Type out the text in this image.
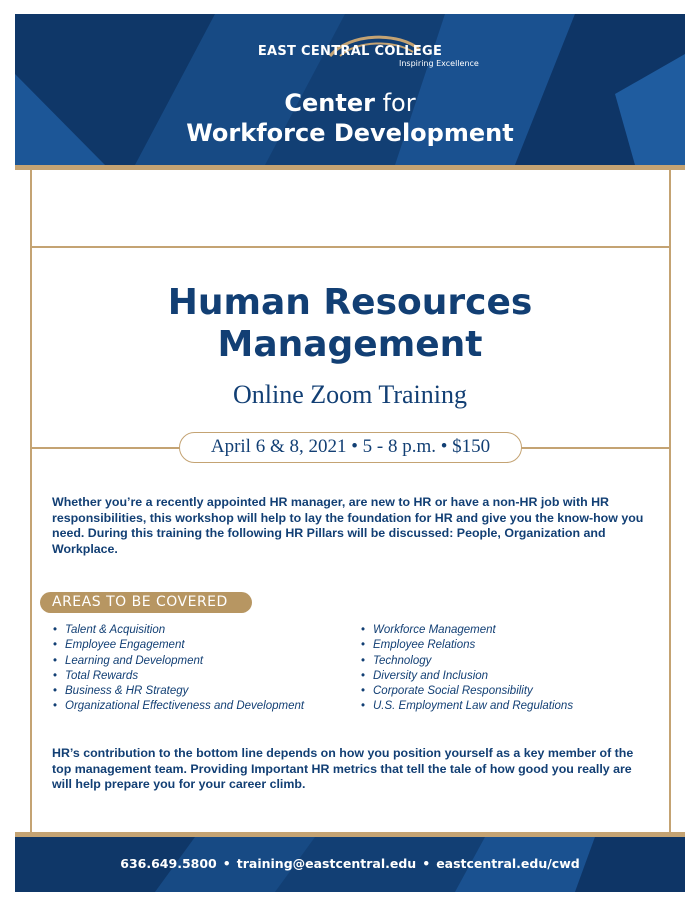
EAST CENTRAL COLLEGE
Inspiring Excellence
Center for
Workforce Development
Human Resources
Management
Online Zoom Training
April 6 & 8, 2021 • 5 - 8 p.m. • $150
Whether you’re a recently appointed HR manager, are new to HR or have a non-HR job with HR responsibilities, this workshop will help to lay the foundation for HR and give you the know-how you need. During this training the following HR Pillars will be discussed: People, Organization and Workplace.
AREAS TO BE COVERED
• Talent & Acquisition
• Employee Engagement
• Learning and Development
• Total Rewards
• Business & HR Strategy
• Organizational Effectiveness and Development
• Workforce Management
• Employee Relations
• Technology
• Diversity and Inclusion
• Corporate Social Responsibility
• U.S. Employment Law and Regulations
HR’s contribution to the bottom line depends on how you position yourself as a key member of the top management team. Providing Important HR metrics that tell the tale of how good you really are will help prepare you for your career climb.
636.649.5800 • training@eastcentral.edu • eastcentral.edu/cwd
